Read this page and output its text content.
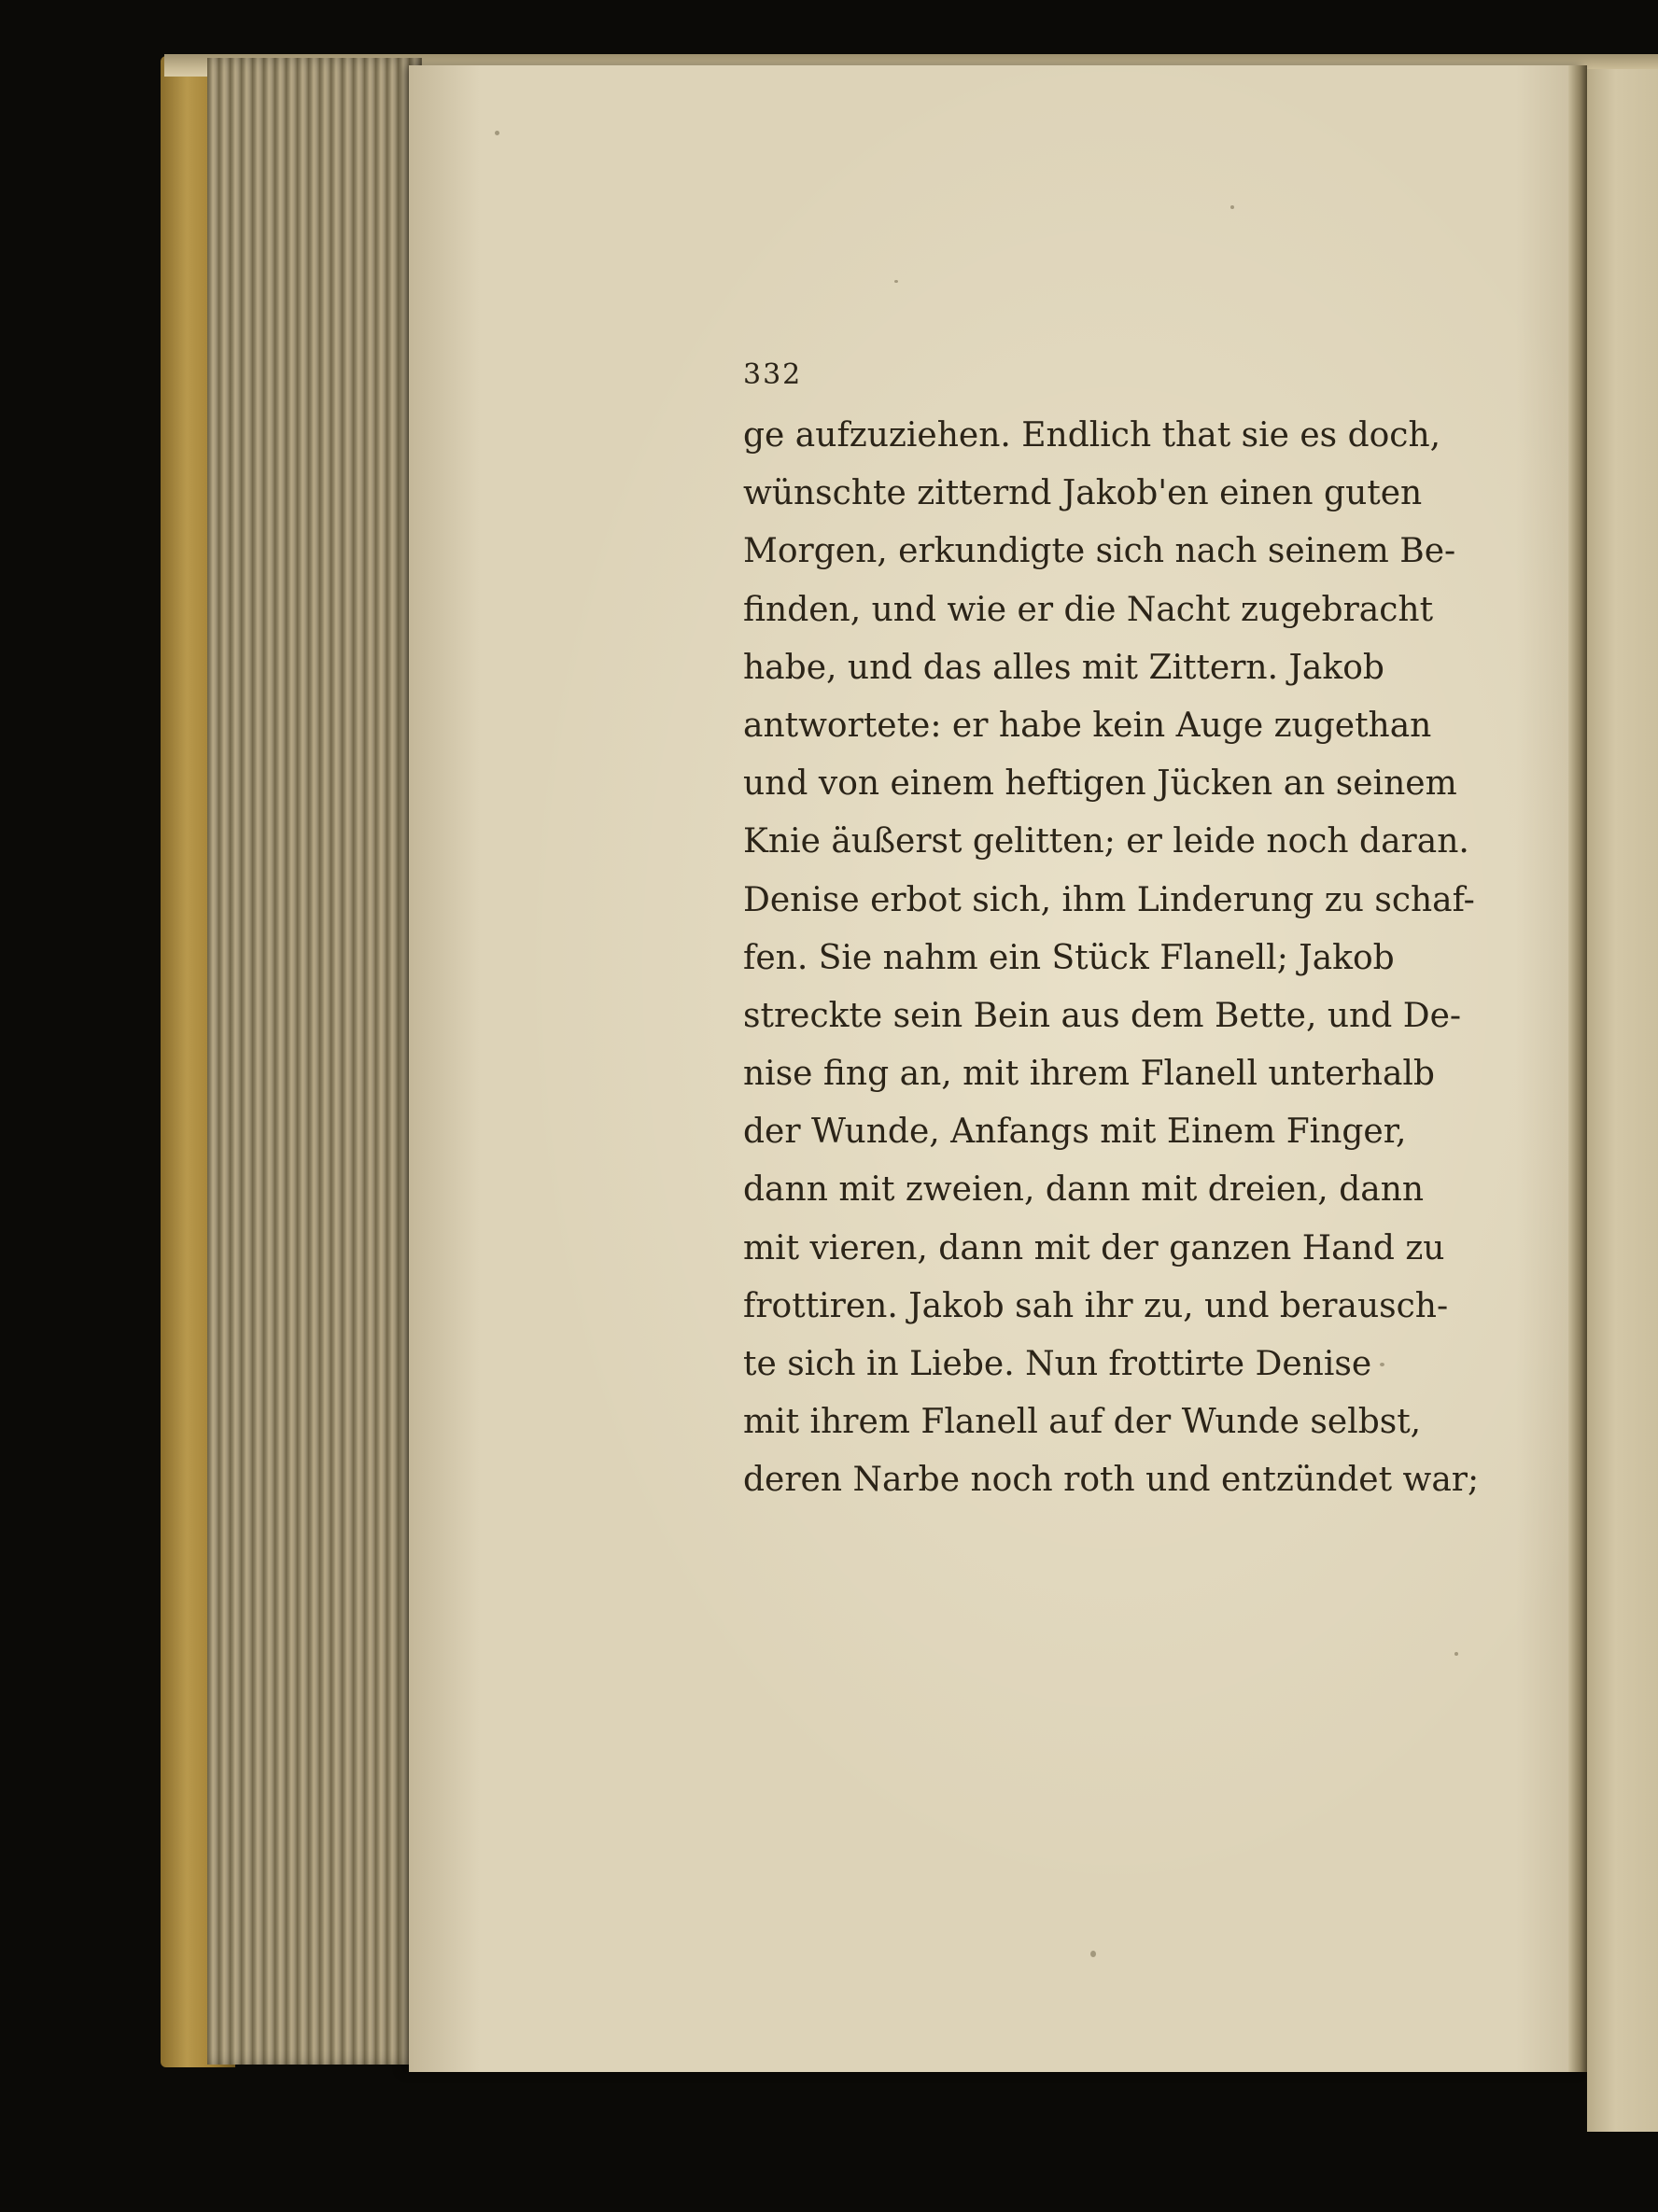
332
ge aufzuziehen. Endlich that sie es doch,
wünschte zitternd Jakob'en einen guten
Morgen, erkundigte sich nach seinem Be-
finden, und wie er die Nacht zugebracht
habe, und das alles mit Zittern. Jakob
antwortete: er habe kein Auge zugethan
und von einem heftigen Jücken an seinem
Knie äußerst gelitten; er leide noch daran.
Denise erbot sich, ihm Linderung zu schaf-
fen. Sie nahm ein Stück Flanell; Jakob
streckte sein Bein aus dem Bette, und De-
nise fing an, mit ihrem Flanell unterhalb
der Wunde, Anfangs mit Einem Finger,
dann mit zweien, dann mit dreien, dann
mit vieren, dann mit der ganzen Hand zu
frottiren. Jakob sah ihr zu, und berausch-
te sich in Liebe. Nun frottirte Denise
mit ihrem Flanell auf der Wunde selbst,
deren Narbe noch roth und entzündet war;
